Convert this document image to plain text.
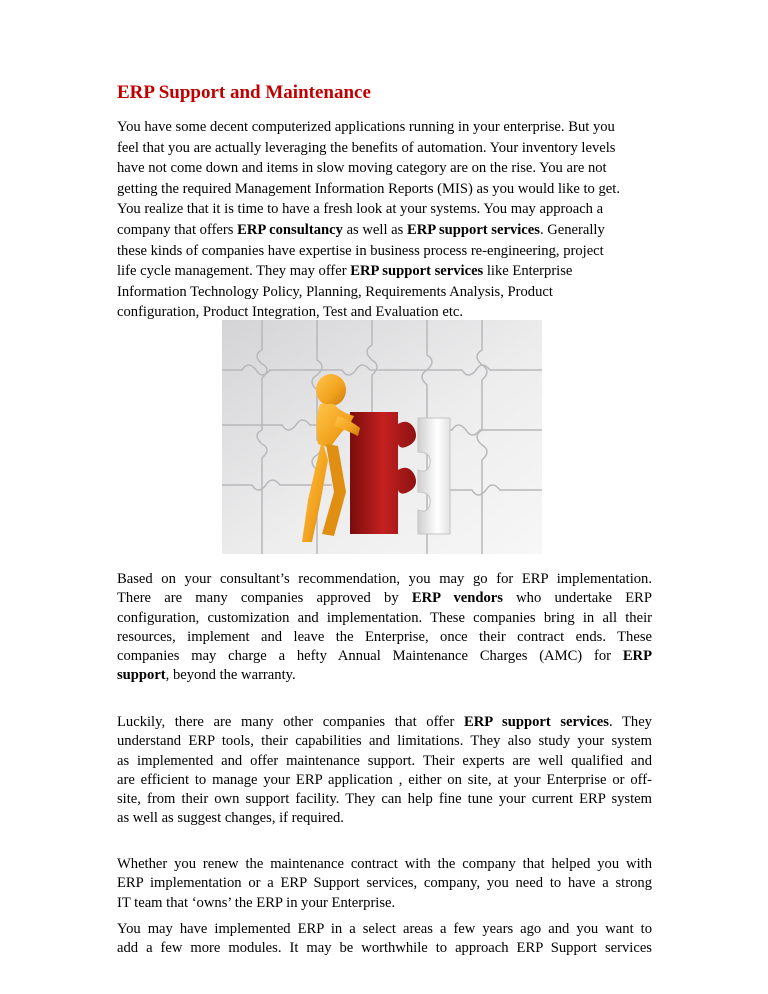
ERP Support and Maintenance

You have some decent computerized applications running in your enterprise. But you
feel that you are actually leveraging the benefits of automation. Your inventory levels
have not come down and items in slow moving category are on the rise. You are not
getting the required Management Information Reports (MIS) as you would like to get.
You realize that it is time to have a fresh look at your systems. You may approach a
company that offers ERP consultancy as well as ERP support services. Generally
these kinds of companies have expertise in business process re-engineering, project
life cycle management. They may offer ERP support services like Enterprise
Information Technology Policy, Planning, Requirements Analysis, Product
configuration, Product Integration, Test and Evaluation etc.

Based on your consultant’s recommendation, you may go for ERP implementation.
There are many companies approved by ERP vendors who undertake ERP
configuration, customization and implementation. These companies bring in all their
resources, implement and leave the Enterprise, once their contract ends. These
companies may charge a hefty Annual Maintenance Charges (AMC) for ERP
support, beyond the warranty.

Luckily, there are many other companies that offer ERP support services. They
understand ERP tools, their capabilities and limitations. They also study your system
as implemented and offer maintenance support. Their experts are well qualified and
are efficient to manage your ERP application , either on site, at your Enterprise or off-
site, from their own support facility. They can help fine tune your current ERP system
as well as suggest changes, if required.

Whether you renew the maintenance contract with the company that helped you with
ERP implementation or a ERP Support services, company, you need to have a strong
IT team that ‘owns’ the ERP in your Enterprise.

You may have implemented ERP in a select areas a few years ago and you want to
add a few more modules. It may be worthwhile to approach ERP Support services
